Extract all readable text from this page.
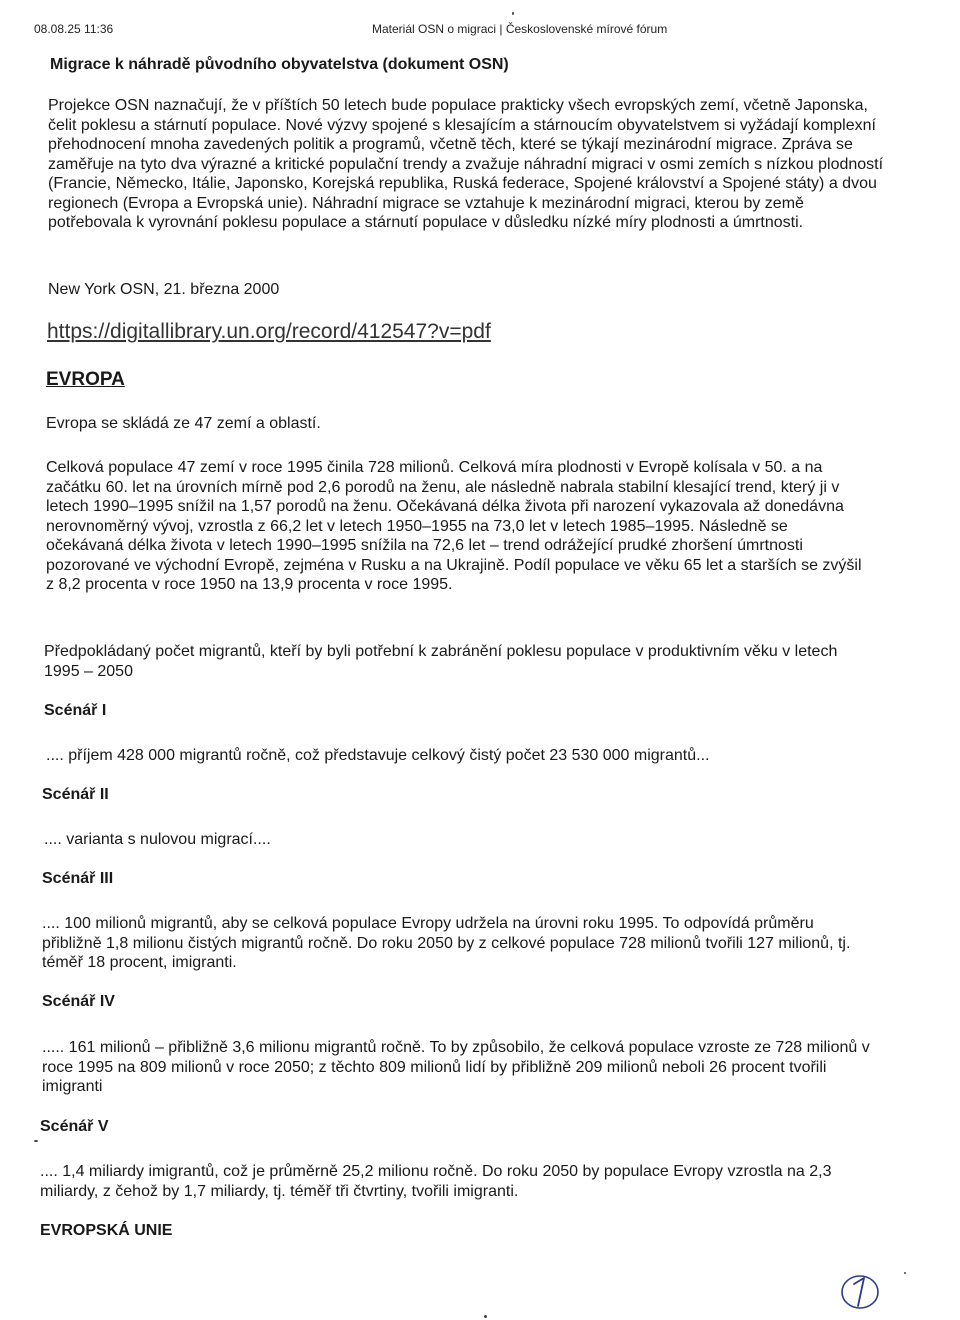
08.08.25 11:36	Materiál OSN o migraci | Československé mírové fórum
Migrace k náhradě původního obyvatelstva (dokument OSN)

Projekce OSN naznačují, že v příštích 50 letech bude populace prakticky všech evropských zemí, včetně Japonska, čelit poklesu a stárnutí populace. Nové výzvy spojené s klesajícím a stárnoucím obyvatelstvem si vyžádají komplexní přehodnocení mnoha zavedených politik a programů, včetně těch, které se týkají mezinárodní migrace. Zpráva se zaměřuje na tyto dva výrazné a kritické populační trendy a zvažuje náhradní migraci v osmi zemích s nízkou plodností (Francie, Německo, Itálie, Japonsko, Korejská republika, Ruská federace, Spojené království a Spojené státy) a dvou regionech (Evropa a Evropská unie). Náhradní migrace se vztahuje k mezinárodní migraci, kterou by země potřebovala k vyrovnání poklesu populace a stárnutí populace v důsledku nízké míry plodnosti a úmrtnosti.

New York OSN, 21. března 2000

https://digitallibrary.un.org/record/412547?v=pdf
EVROPA

Evropa se skládá ze 47 zemí a oblastí.

Celková populace 47 zemí v roce 1995 činila 728 milionů. Celková míra plodnosti v Evropě kolísala v 50. a na začátku 60. let na úrovních mírně pod 2,6 porodů na ženu, ale následně nabrala stabilní klesající trend, který ji v letech 1990–1995 snížil na 1,57 porodů na ženu. Očekávaná délka života při narození vykazovala až donedávna nerovnoměrný vývoj, vzrostla z 66,2 let v letech 1950–1955 na 73,0 let v letech 1985–1995. Následně se očekávaná délka života v letech 1990–1995 snížila na 72,6 let – trend odrážející prudké zhoršení úmrtnosti pozorované ve východní Evropě, zejména v Rusku a na Ukrajině. Podíl populace ve věku 65 let a starších se zvýšil z 8,2 procenta v roce 1950 na 13,9 procenta v roce 1995.

Předpokládaný počet migrantů, kteří by byli potřební k zabránění poklesu populace v produktivním věku v letech 1995 – 2050

Scénář I

.... příjem 428 000 migrantů ročně, což představuje celkový čistý počet 23 530 000 migrantů...

Scénář II

.... varianta s nulovou migrací....

Scénář III

.... 100 milionů migrantů, aby se celková populace Evropy udržela na úrovni roku 1995. To odpovídá průměru přibližně 1,8 milionu čistých migrantů ročně. Do roku 2050 by z celkové populace 728 milionů tvořili 127 milionů, tj. téměř 18 procent, imigranti.

Scénář IV

..... 161 milionů – přibližně 3,6 milionu migrantů ročně. To by způsobilo, že celková populace vzroste ze 728 milionů v roce 1995 na 809 milionů v roce 2050; z těchto 809 milionů lidí by přibližně 209 milionů neboli 26 procent tvořili imigranti

Scénář V

.... 1,4 miliardy imigrantů, což je průměrně 25,2 milionu ročně. Do roku 2050 by populace Evropy vzrostla na 2,3 miliardy, z čehož by 1,7 miliardy, tj. téměř tři čtvrtiny, tvořili imigranti.

EVROPSKÁ UNIE
